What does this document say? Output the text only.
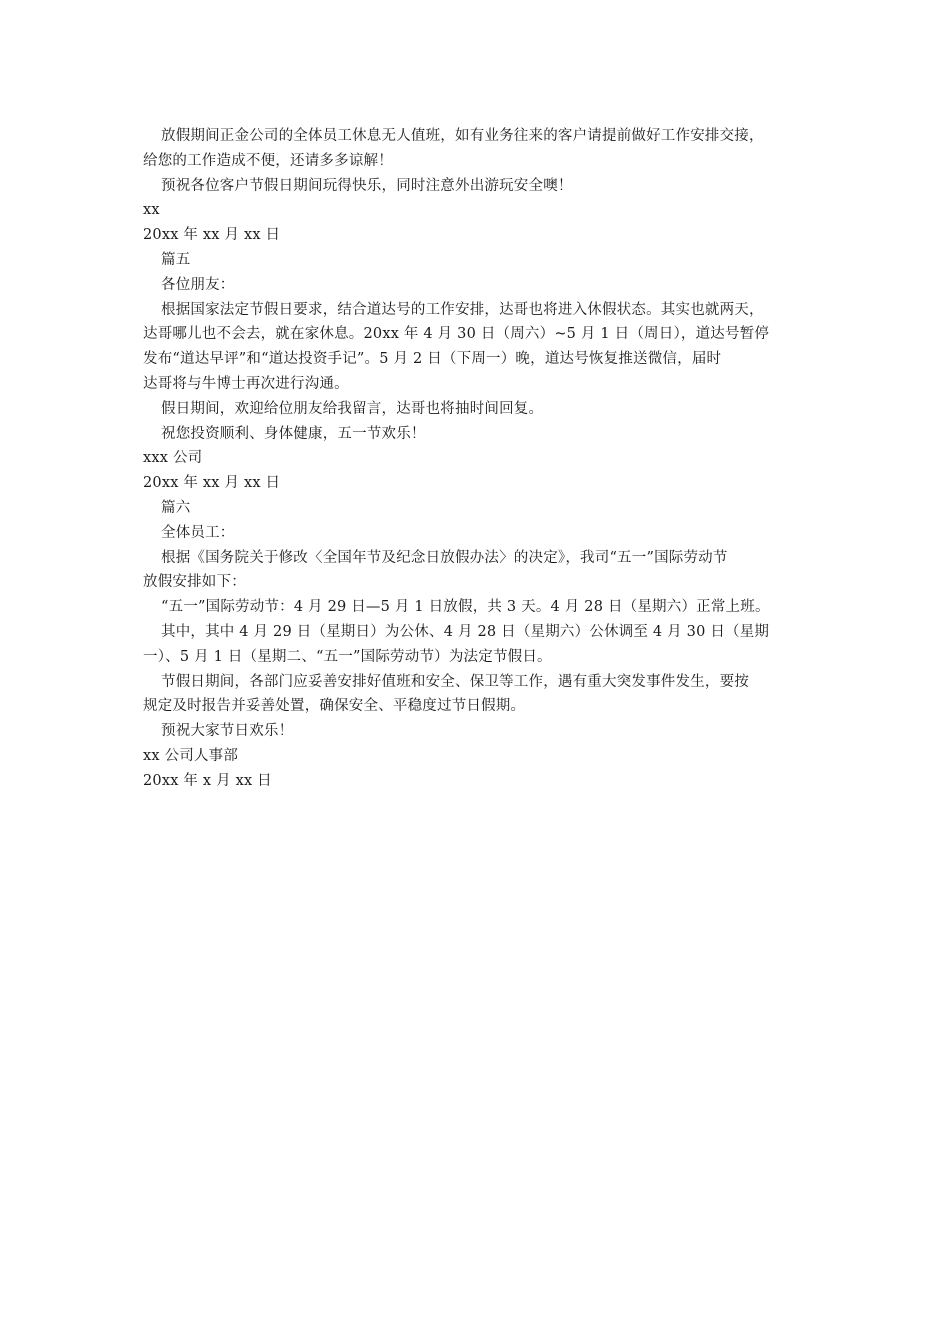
放假期间正金公司的全体员工休息无人值班，如有业务往来的客户请提前做好工作安排交接，
给您的工作造成不便，还请多多谅解！
预祝各位客户节假日期间玩得快乐，同时注意外出游玩安全噢！
xx
20xx 年 xx 月 xx 日
篇五
各位朋友：
根据国家法定节假日要求，结合道达号的工作安排，达哥也将进入休假状态。其实也就两天，
达哥哪儿也不会去，就在家休息。20xx 年 4 月 30 日（周六）~5 月 1 日（周日），道达号暂停
发布“道达早评”和“道达投资手记”。5 月 2 日（下周一）晚，道达号恢复推送微信，届时
达哥将与牛博士再次进行沟通。
假日期间，欢迎给位朋友给我留言，达哥也将抽时间回复。
祝您投资顺利、身体健康，五一节欢乐！
xxx 公司
20xx 年 xx 月 xx 日
篇六
全体员工：
根据《国务院关于修改〈全国年节及纪念日放假办法〉的决定》，我司“五一”国际劳动节
放假安排如下：
“五一”国际劳动节：4 月 29 日—5 月 1 日放假，共 3 天。4 月 28 日（星期六）正常上班。
其中，其中 4 月 29 日（星期日）为公休、4 月 28 日（星期六）公休调至 4 月 30 日（星期
一）、5 月 1 日（星期二、“五一”国际劳动节）为法定节假日。
节假日期间，各部门应妥善安排好值班和安全、保卫等工作，遇有重大突发事件发生，要按
规定及时报告并妥善处置，确保安全、平稳度过节日假期。
预祝大家节日欢乐！
xx 公司人事部
20xx 年 x 月 xx 日
